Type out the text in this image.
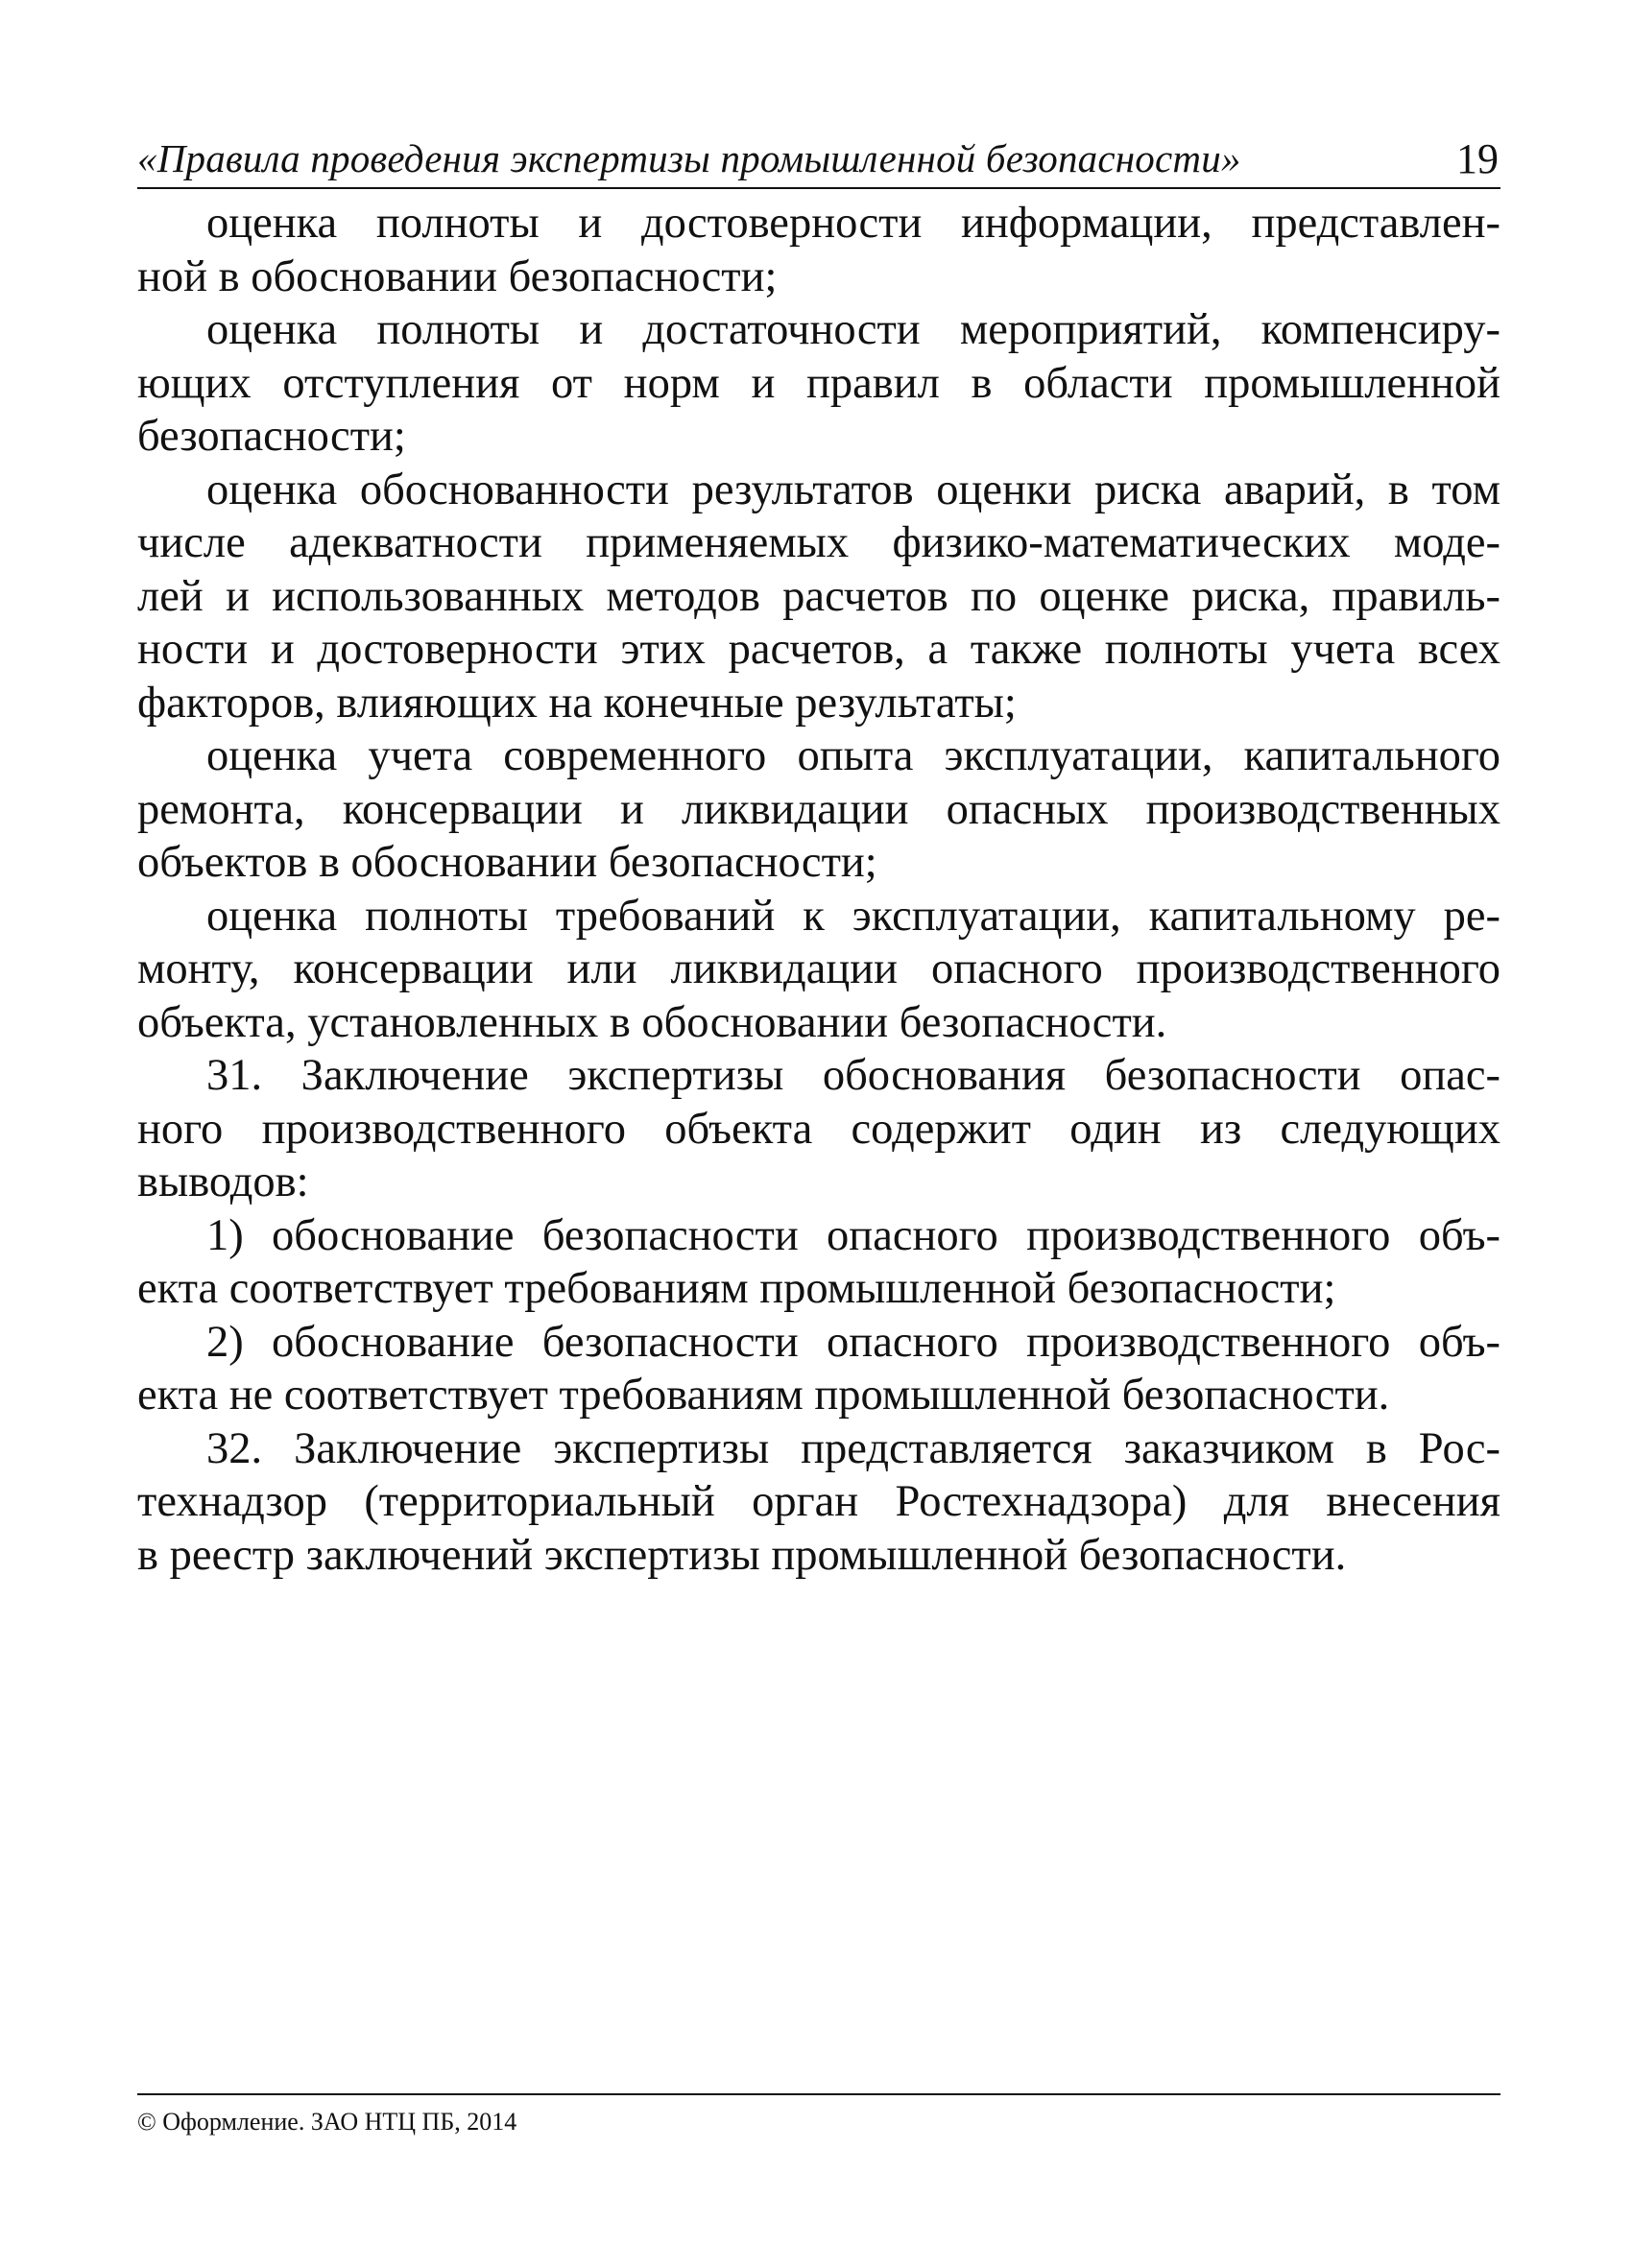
«Правила проведения экспертизы промышленной безопасности»	19

оценка полноты и достоверности информации, представлен-
ной в обосновании безопасности;

оценка полноты и достаточности мероприятий, компенсиру-
ющих отступления от норм и правил в области промышленной
безопасности;

оценка обоснованности результатов оценки риска аварий, в том
числе адекватности применяемых физико-математических моде-
лей и использованных методов расчетов по оценке риска, правиль-
ности и достоверности этих расчетов, а также полноты учета всех
факторов, влияющих на конечные результаты;

оценка учета современного опыта эксплуатации, капитального
ремонта, консервации и ликвидации опасных производственных
объектов в обосновании безопасности;

оценка полноты требований к эксплуатации, капитальному ре-
монту, консервации или ликвидации опасного производственного
объекта, установленных в обосновании безопасности.

31. Заключение экспертизы обоснования безопасности опас-
ного производственного объекта содержит один из следующих
выводов:

1) обоснование безопасности опасного производственного объ-
екта соответствует требованиям промышленной безопасности;

2) обоснование безопасности опасного производственного объ-
екта не соответствует требованиям промышленной безопасности.

32. Заключение экспертизы представляется заказчиком в Рос-
технадзор (территориальный орган Ростехнадзора) для внесения
в реестр заключений экспертизы промышленной безопасности.

© Оформление. ЗАО НТЦ ПБ, 2014
